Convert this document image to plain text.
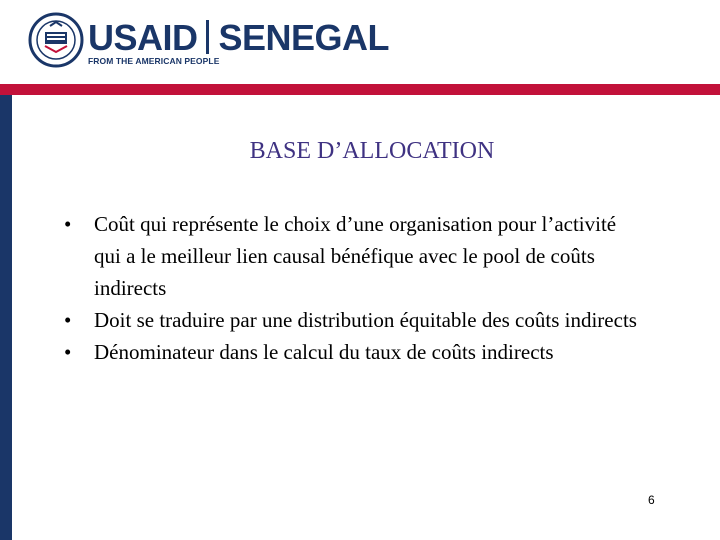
USAID SENEGAL
FROM THE AMERICAN PEOPLE
BASE D’ALLOCATION
• Coût qui représente le choix d’une organisation pour l’activité qui a le meilleur lien causal bénéfique avec le pool de coûts indirects
• Doit se traduire par une distribution équitable des coûts indirects
• Dénominateur dans le calcul du taux de coûts indirects
6
